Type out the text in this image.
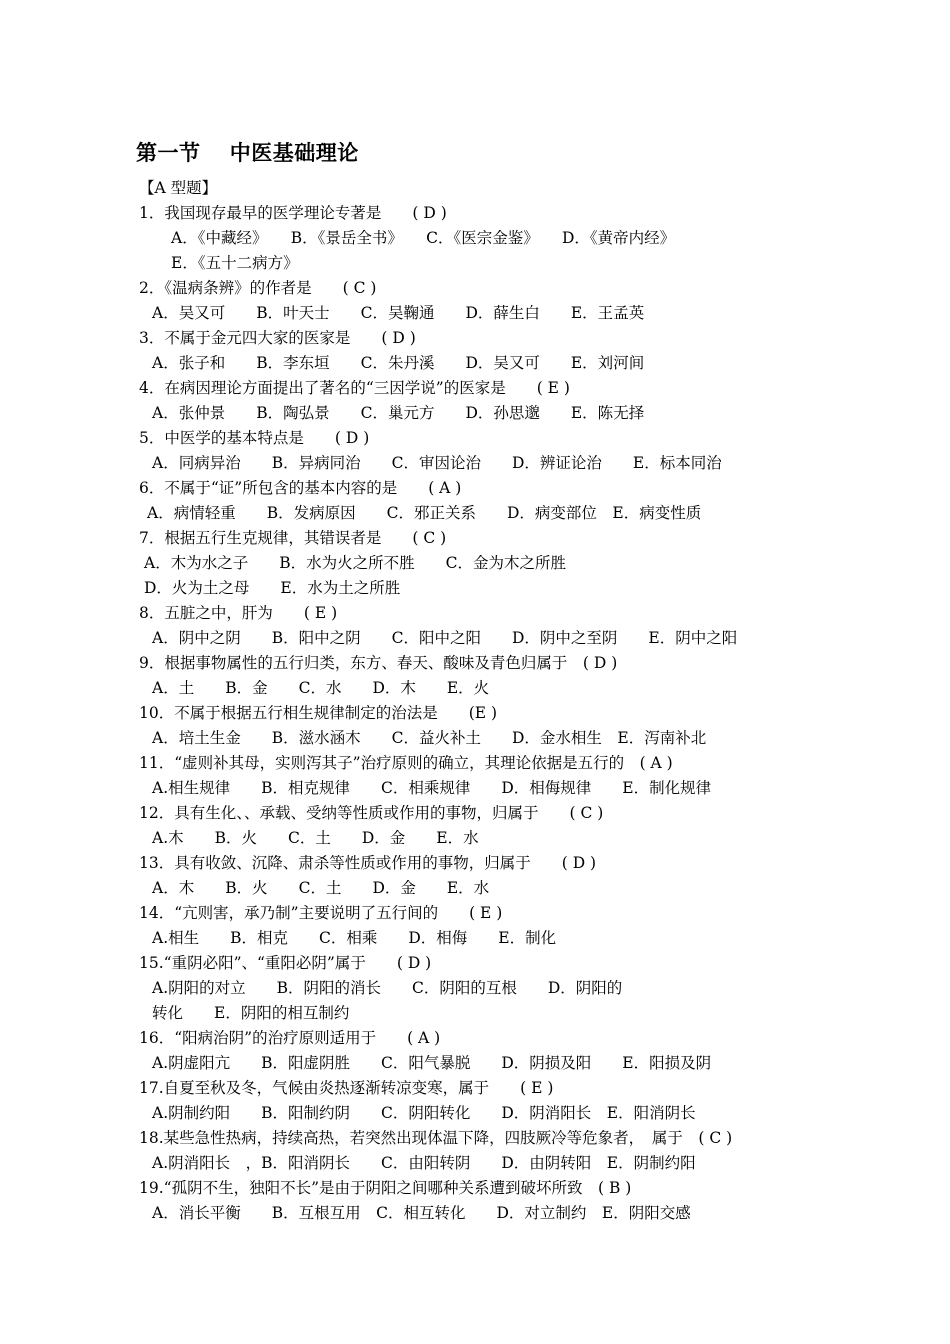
第一节　 中医基础理论
【A 型题】
1．我国现存最早的医学理论专著是　　( D )
A．《中藏经》　　B．《景岳全书》　　C．《医宗金鉴》　　D．《黄帝内经》
E．《五十二病方》
2．《温病条辨》的作者是　　( C )
A．吴又可　　B．叶天士　　C．吴鞠通　　D．薛生白　　E．王孟英
3．不属于金元四大家的医家是　　( D )
A．张子和　　B．李东垣　　C．朱丹溪　　D．吴又可　　E．刘河间
4．在病因理论方面提出了著名的“三因学说”的医家是　　( E )
A．张仲景　　B．陶弘景　　C．巢元方　　D．孙思邈　　E．陈无择
5．中医学的基本特点是　　( D )
A．同病异治　　B．异病同治　　C．审因论治　　D．辨证论治　　E．标本同治
6．不属于“证”所包含的基本内容的是　　( A )
A．病情轻重　　B．发病原因　　C．邪正关系　　D．病变部位　E．病变性质
7．根据五行生克规律，其错误者是　　( C )
A．木为水之子　　B．水为火之所不胜　　C．金为木之所胜
D．火为土之母　　E．水为土之所胜
8．五脏之中，肝为　　( E )
A．阴中之阴　　B．阳中之阴　　C．阳中之阳　　D．阴中之至阴　　E．阴中之阳
9．根据事物属性的五行归类，东方、春天、酸味及青色归属于　( D )
A．土　　B．金　　C．水　　D．木　　E．火
10．不属于根据五行相生规律制定的治法是　　(E )
A．培土生金　　B．滋水涵木　　C．益火补土　　D．金水相生　E．泻南补北
11．“虚则补其母，实则泻其子”治疗原则的确立，其理论依据是五行的　( A )
A.相生规律　　B．相克规律　　C．相乘规律　　D．相侮规律　　E．制化规律
12．具有生化、、承载、受纳等性质或作用的事物，归属于　　( C )
A.木　　B．火　　C．土　　D．金　　E．水
13．具有收敛、沉降、肃杀等性质或作用的事物，归属于　　( D )
A．木　　B．火　　C．土　　D．金　　E．水
14．“亢则害，承乃制”主要说明了五行间的　　( E )
A.相生　　B．相克　　C．相乘　　D．相侮　　E．制化
15.“重阴必阳”、“重阳必阴”属于　　( D )
A.阴阳的对立　　B．阴阳的消长　　C．阴阳的互根　　D．阴阳的
转化　　E．阴阳的相互制约
16．“阳病治阴”的治疗原则适用于　　( A )
A.阴虚阳亢　　B．阳虚阴胜　　C．阳气暴脱　　D．阴损及阳　　E．阳损及阴
17.自夏至秋及冬，气候由炎热逐渐转凉变寒，属于　　( E )
A.阴制约阳　　B．阳制约阴　　C．阴阳转化　　D．阴消阳长　E．阳消阴长
18.某些急性热病，持续高热，若突然出现体温下降，四肢厥冷等危象者，　属于　( C )
A.阴消阳长　，B．阳消阴长　　C．由阳转阴　　D．由阴转阳　E．阴制约阳
19.“孤阴不生，独阳不长”是由于阴阳之间哪种关系遭到破坏所致　( B )
A．消长平衡　　B．互根互用　C．相互转化　　D．对立制约　E．阴阳交感
